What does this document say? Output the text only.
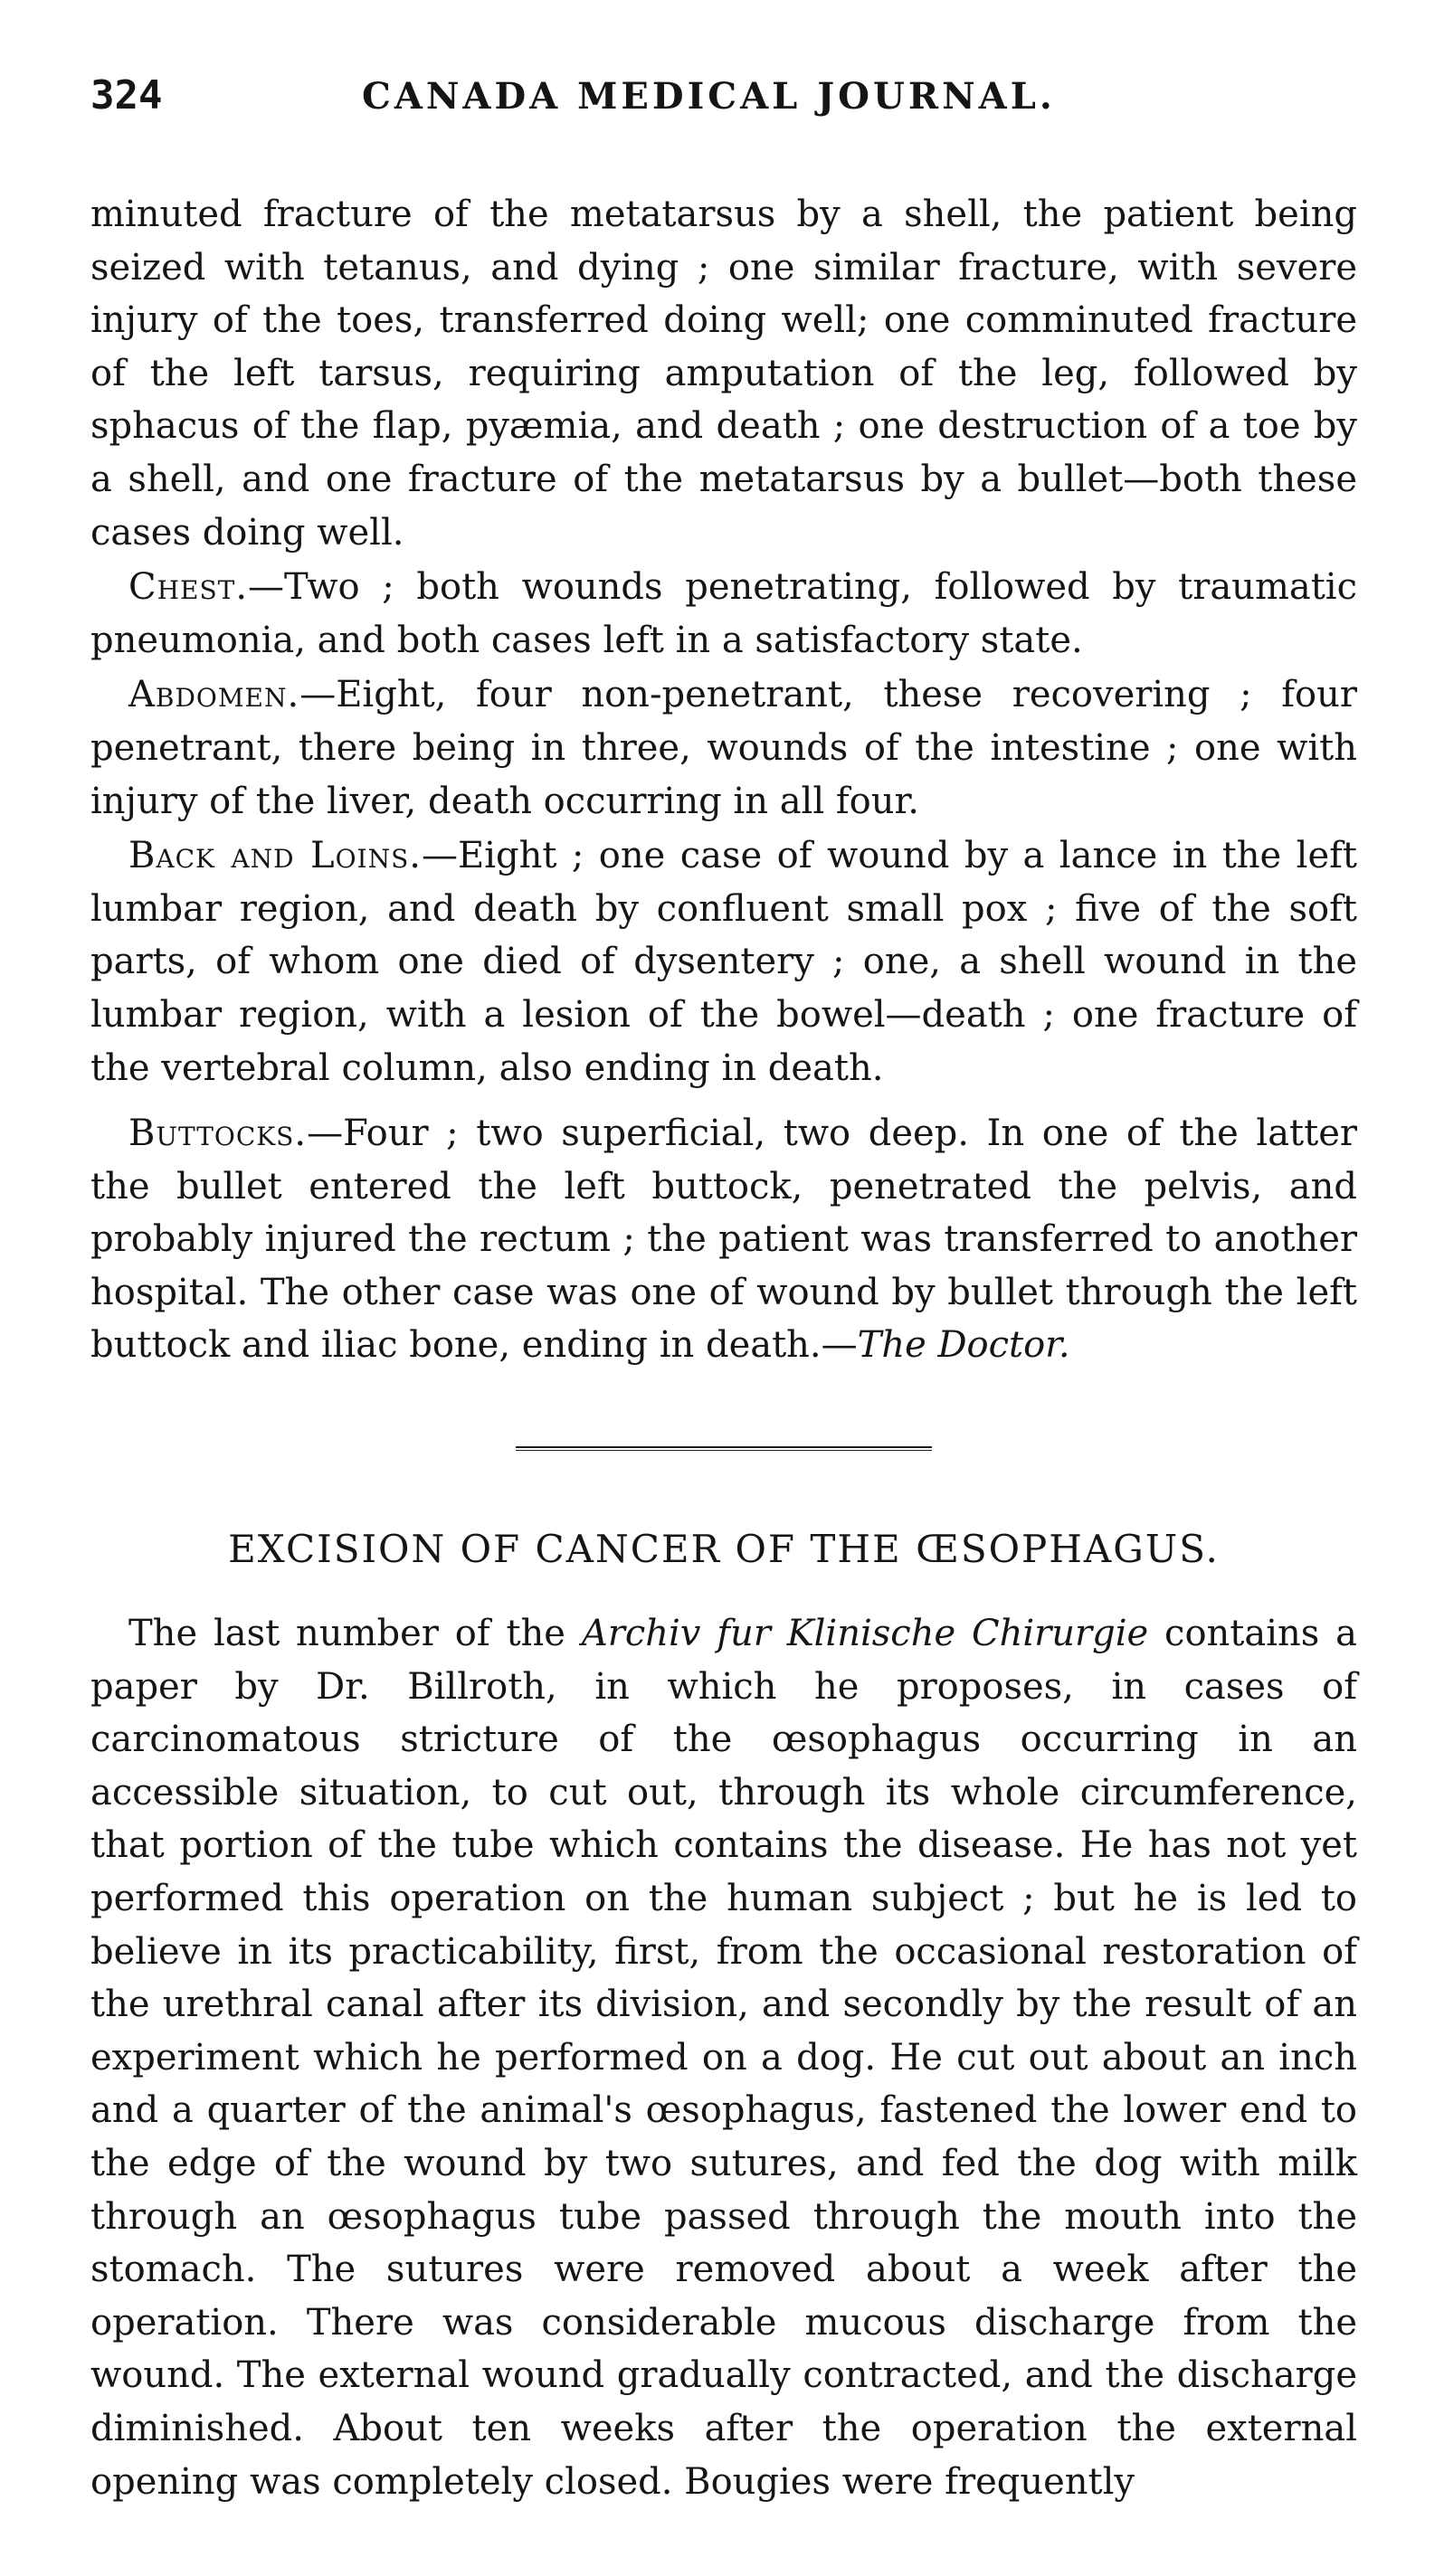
324	CANADA MEDICAL JOURNAL.

minuted fracture of the metatarsus by a shell, the patient being seized with tetanus, and dying ; one similar fracture, with severe injury of the toes, transferred doing well; one comminuted fracture of the left tarsus, requiring amputation of the leg, followed by sphacus of the flap, pyæmia, and death ; one destruction of a toe by a shell, and one fracture of the metatarsus by a bullet—both these cases doing well.

Chest.—Two ; both wounds penetrating, followed by traumatic pneumonia, and both cases left in a satisfactory state.

Abdomen.—Eight, four non-penetrant, these recovering ; four penetrant, there being in three, wounds of the intestine ; one with injury of the liver, death occurring in all four.

Back and Loins.—Eight ; one case of wound by a lance in the left lumbar region, and death by confluent small pox ; five of the soft parts, of whom one died of dysentery ; one, a shell wound in the lumbar region, with a lesion of the bowel—death ; one fracture of the vertebral column, also ending in death.

Buttocks.—Four ; two superficial, two deep. In one of the latter the bullet entered the left buttock, penetrated the pelvis, and probably injured the rectum ; the patient was transferred to another hospital. The other case was one of wound by bullet through the left buttock and iliac bone, ending in death.—The Doctor.

EXCISION OF CANCER OF THE ŒSOPHAGUS.

The last number of the Archiv fur Klinische Chirurgie contains a paper by Dr. Billroth, in which he proposes, in cases of carcinomatous stricture of the œsophagus occurring in an accessible situation, to cut out, through its whole circumference, that portion of the tube which contains the disease. He has not yet performed this operation on the human subject ; but he is led to believe in its practicability, first, from the occasional restoration of the urethral canal after its division, and secondly by the result of an experiment which he performed on a dog. He cut out about an inch and a quarter of the animal's œsophagus, fastened the lower end to the edge of the wound by two sutures, and fed the dog with milk through an œsophagus tube passed through the mouth into the stomach. The sutures were removed about a week after the operation. There was considerable mucous discharge from the wound. The external wound gradually contracted, and the discharge diminished. About ten weeks after the operation the external opening was completely closed. Bougies were frequently
